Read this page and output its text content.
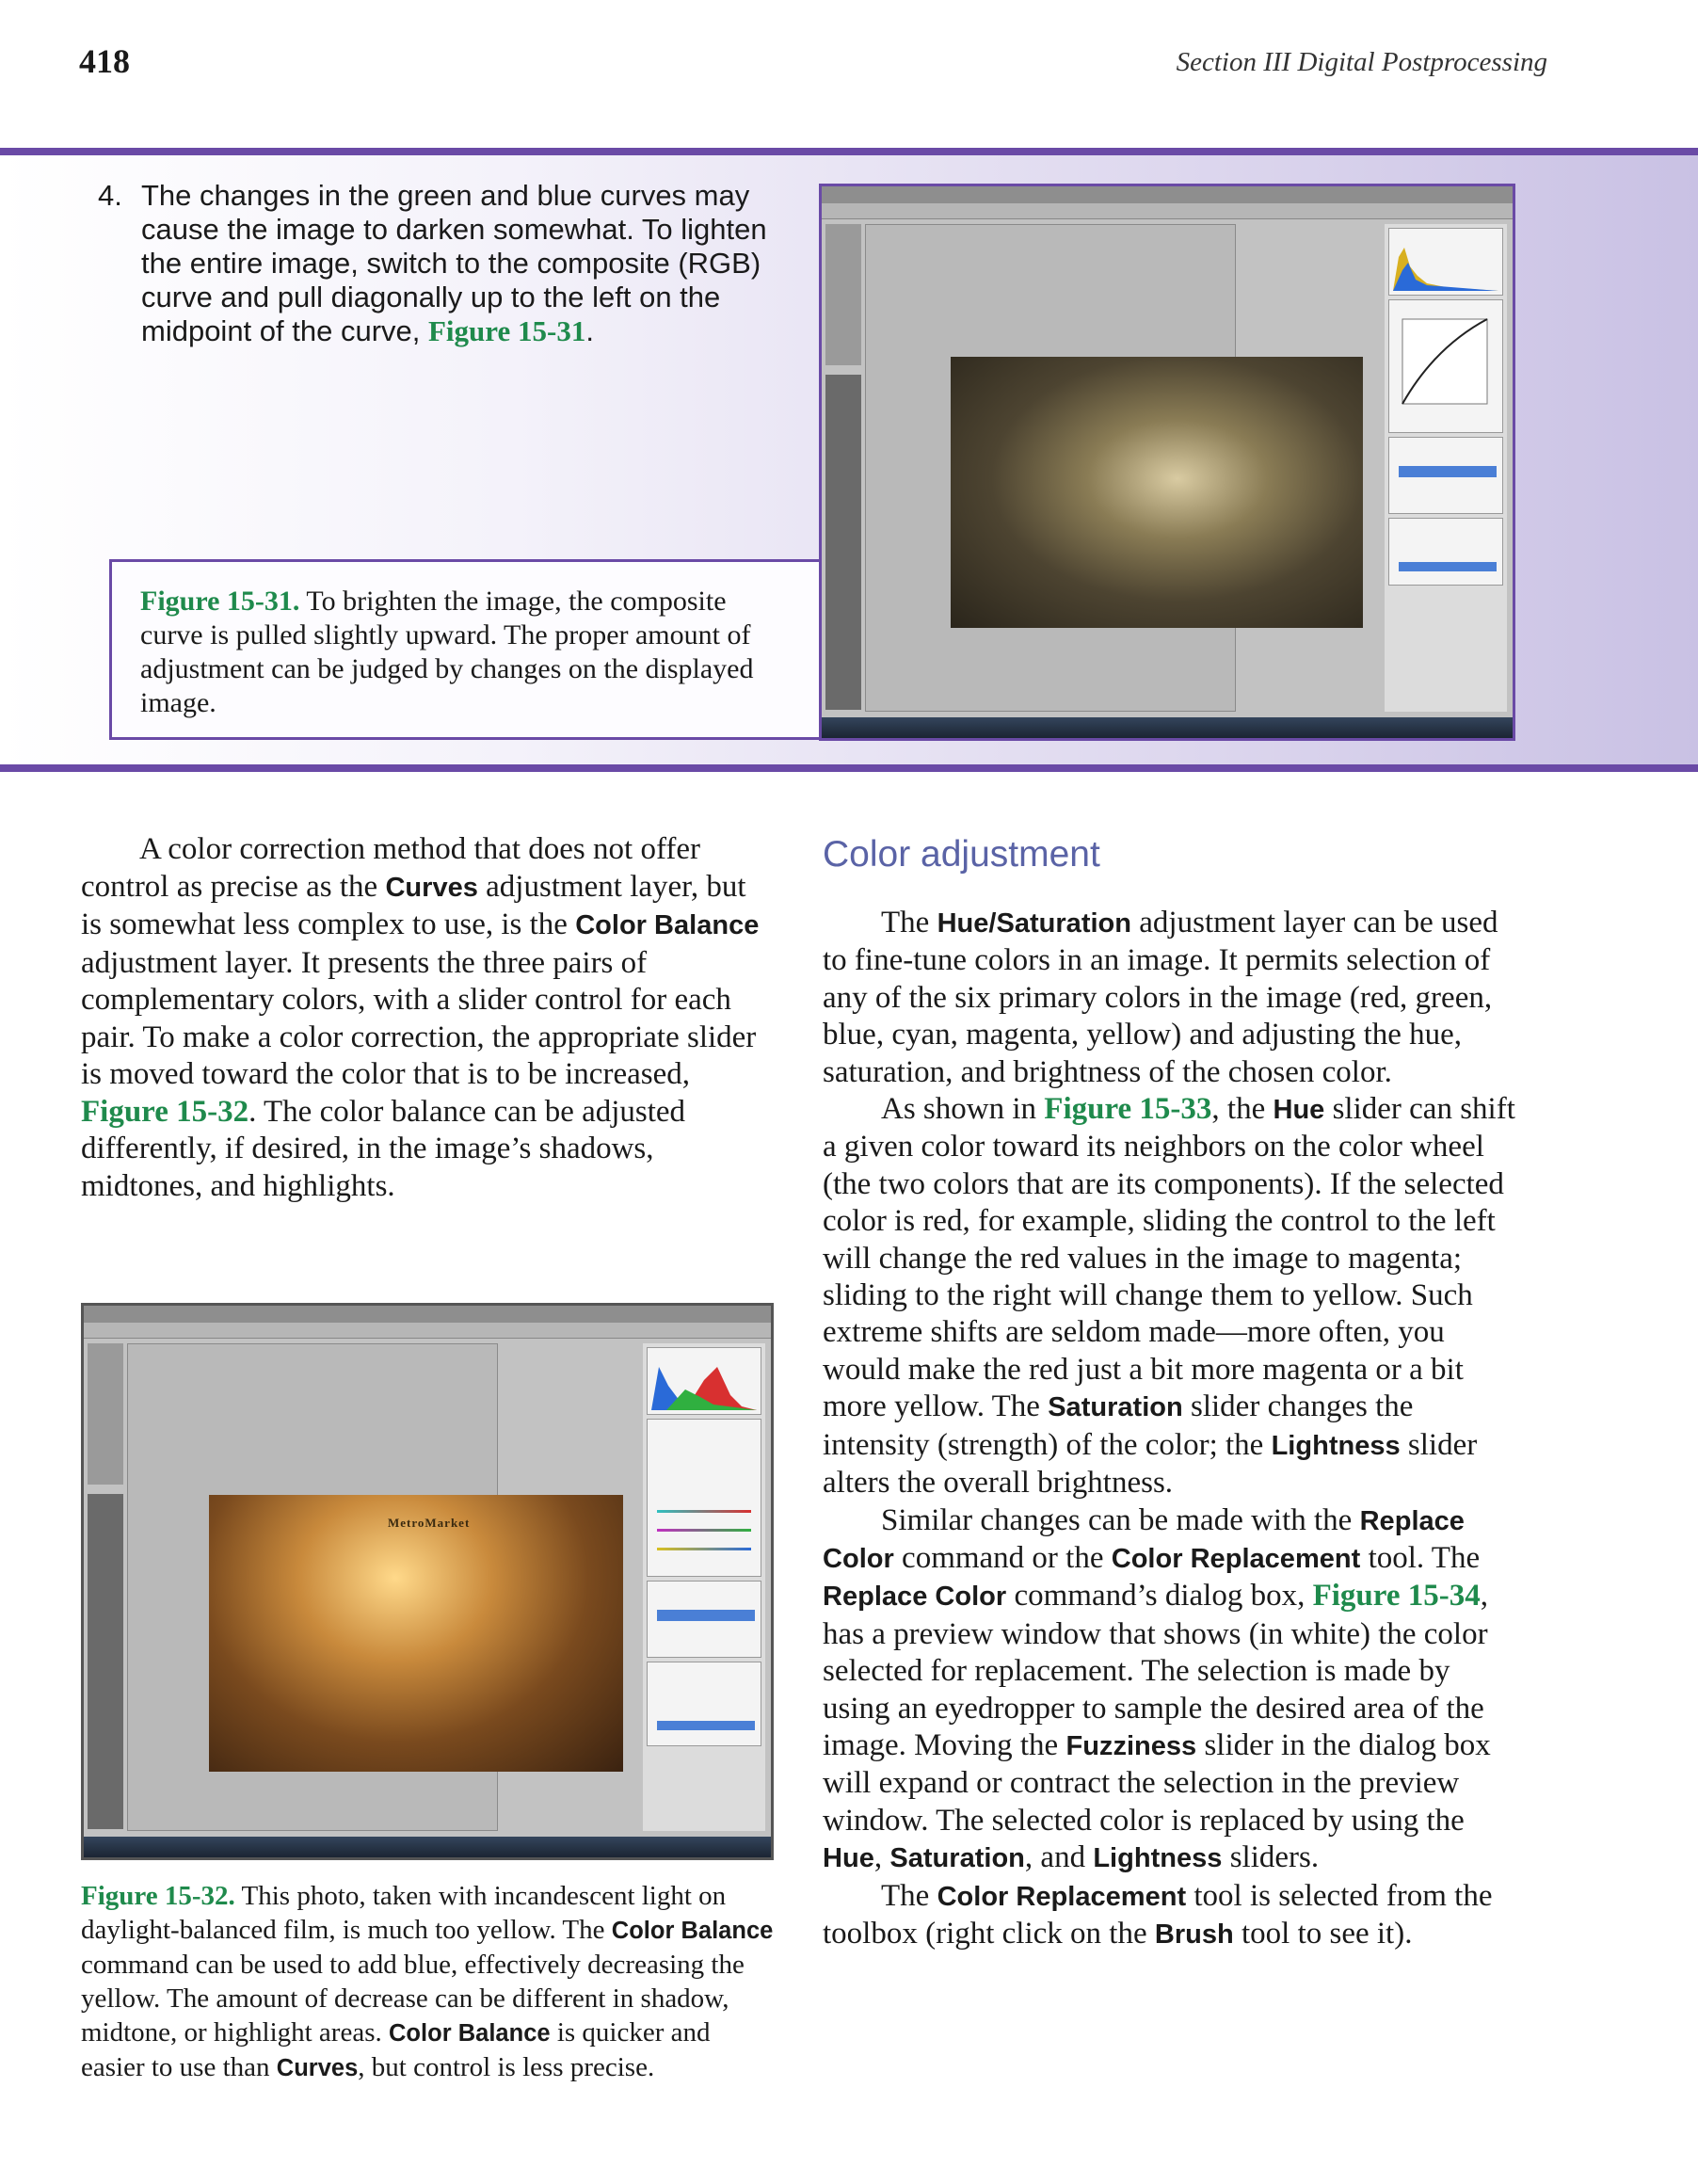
418	Section III Digital Postprocessing
4. The changes in the green and blue curves may cause the image to darken somewhat. To lighten the entire image, switch to the composite (RGB) curve and pull diagonally up to the left on the midpoint of the curve, Figure 15-31.
Figure 15-31. To brighten the image, the composite curve is pulled slightly upward. The proper amount of adjustment can be judged by changes on the displayed image.

A color correction method that does not offer control as precise as the Curves adjustment layer, but is somewhat less complex to use, is the Color Balance adjustment layer. It presents the three pairs of complementary colors, with a slider control for each pair. To make a color correction, the appropriate slider is moved toward the color that is to be increased, Figure 15-32. The color balance can be adjusted differently, if desired, in the image’s shadows, midtones, and highlights.

MetroMarket
Figure 15-32. This photo, taken with incandescent light on daylight-balanced film, is much too yellow. The Color Balance command can be used to add blue, effectively decreasing the yellow. The amount of decrease can be different in shadow, midtone, or highlight areas. Color Balance is quicker and easier to use than Curves, but control is less precise.
Color adjustment

The Hue/Saturation adjustment layer can be used to fine-tune colors in an image. It permits selection of any of the six primary colors in the image (red, green, blue, cyan, magenta, yellow) and adjusting the hue, saturation, and brightness of the chosen color.

As shown in Figure 15-33, the Hue slider can shift a given color toward its neighbors on the color wheel (the two colors that are its components). If the selected color is red, for example, sliding the control to the left will change the red values in the image to magenta; sliding to the right will change them to yellow. Such extreme shifts are seldom made—more often, you would make the red just a bit more magenta or a bit more yellow. The Saturation slider changes the intensity (strength) of the color; the Lightness slider alters the overall brightness.

Similar changes can be made with the Replace Color command or the Color Replacement tool. The Replace Color command’s dialog box, Figure 15-34, has a preview window that shows (in white) the color selected for replacement. The selection is made by using an eyedropper to sample the desired area of the image. Moving the Fuzziness slider in the dialog box will expand or contract the selection in the preview window. The selected color is replaced by using the Hue, Saturation, and Lightness sliders.

The Color Replacement tool is selected from the toolbox (right click on the Brush tool to see it).
